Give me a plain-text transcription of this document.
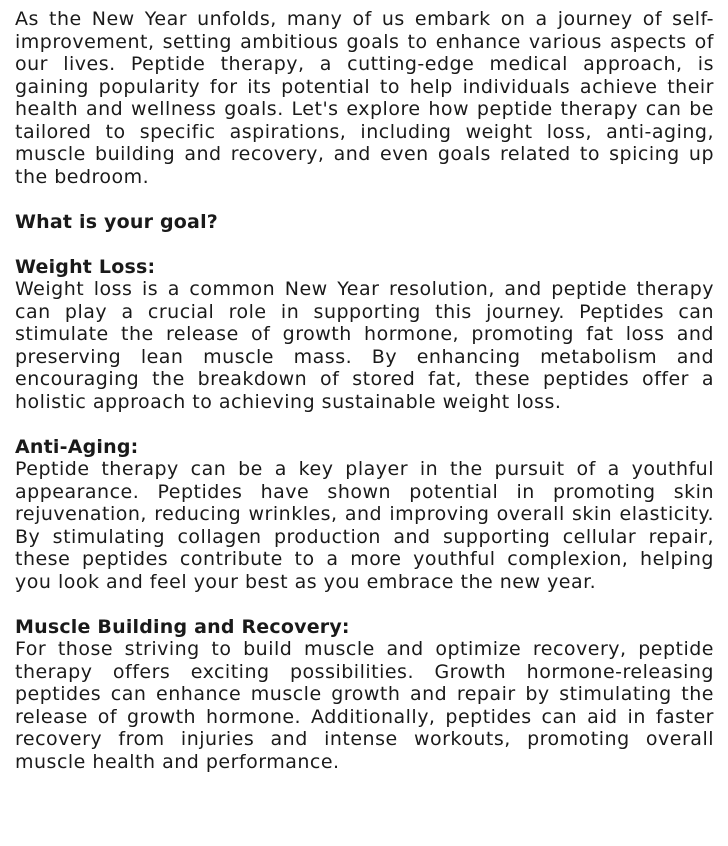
As the New Year unfolds, many of us embark on a journey of self-improvement, setting ambitious goals to enhance various aspects of our lives. Peptide therapy, a cutting-edge medical approach, is gaining popularity for its potential to help individuals achieve their health and wellness goals. Let's explore how peptide therapy can be tailored to specific aspirations, including weight loss, anti-aging, muscle building and recovery, and even goals related to spicing up the bedroom.

What is your goal?

Weight Loss:

Weight loss is a common New Year resolution, and peptide therapy can play a crucial role in supporting this journey. Peptides can stimulate the release of growth hormone, promoting fat loss and preserving lean muscle mass. By enhancing metabolism and encouraging the breakdown of stored fat, these peptides offer a holistic approach to achieving sustainable weight loss.

Anti-Aging:

Peptide therapy can be a key player in the pursuit of a youthful appearance. Peptides have shown potential in promoting skin rejuvenation, reducing wrinkles, and improving overall skin elasticity. By stimulating collagen production and supporting cellular repair, these peptides contribute to a more youthful complexion, helping you look and feel your best as you embrace the new year.

Muscle Building and Recovery:

For those striving to build muscle and optimize recovery, peptide therapy offers exciting possibilities. Growth hormone-releasing peptides can enhance muscle growth and repair by stimulating the release of growth hormone. Additionally, peptides can aid in faster recovery from injuries and intense workouts, promoting overall muscle health and performance.
